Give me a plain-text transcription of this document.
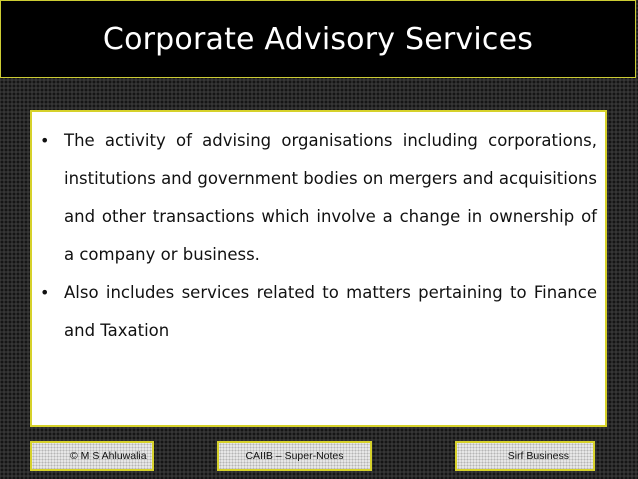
Corporate Advisory Services
• The activity of advising organisations including corporations, institutions and government bodies on mergers and acquisitions and other transactions which involve a change in ownership of a company or business.
• Also includes services related to matters pertaining to Finance and Taxation
© M S Ahluwalia	CAIIB – Super-Notes	Sirf Business
